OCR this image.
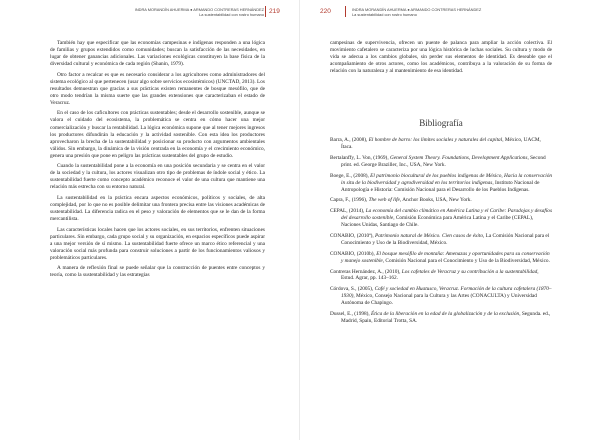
INDRA MORANDÍN AHUERMA ● ARMANDO CONTRERAS HERNÁNDEZ
La sustentabilidad con rostro humano 219

También hay que especificar que las economías campesinas e indígenas responden a una lógica de familias y grupos extendidos como comunidades; buscan la satisfacción de las necesidades, en lugar de obtener ganancias adicionales. Las variaciones ecológicas constituyen la base física de la diversidad cultural y económica de cada región (Shanin, 1979).

Otro factor a recalcar es que es necesario considerar a los agricultores como administradores del sistema ecológico al que pertenecen (usar algo sobre servicios ecosistémicos) (UNCTAD, 2013). Los resultados demuestran que gracias a sus prácticas existen remanentes de bosque mesófilo, que de otro modo tendrían la misma suerte que las grandes extensiones que caracterizaban el estado de Veracruz.

En el caso de los caficultores con prácticas sustentables; desde el desarrollo sostenible, aunque se valora el cuidado del ecosistema, la problemática se centra en cómo hacer una mejor comercialización y buscar la rentabilidad. La lógica económica supone que al tener mejores ingresos los productores difundirán la educación y la actividad sostenible. Con esta idea los productores aprovecharon la brecha de la sustentabilidad y posicionar su producto con argumentos ambientales válidos. Sin embargo, la dinámica de la visión centrada en la economía y el crecimiento económico, genera una presión que pone en peligro las prácticas sustentables del grupo de estudio.

Cuando la sustentabilidad pone a la economía en una posición secundaria y se centra en el valor de la sociedad y la cultura, los actores visualizan otro tipo de problemas de índole social y ético. La sustentabilidad fuerte como concepto académico reconoce el valor de una cultura que mantiene una relación más estrecha con su entorno natural.

La sustentabilidad en la práctica encara aspectos económicos, políticos y sociales, de alta complejidad, por lo que no es posible delimitar una frontera precisa entre las visiones académicas de sustentabilidad. La diferencia radica en el peso y valoración de elementos que se le dan de la forma mercantilista.

Las características locales hacen que los actores sociales, en sus territorios, enfrenten situaciones particulares. Sin embargo, cada grupo social y su organización, en espacios específicos puede aspirar a una mejor versión de sí mismo. La sustentabilidad fuerte ofrece un marco ético referencial y una valoración social más profunda para construir soluciones a partir de los funcionamientos valiosos y problemáticos particulares.

A manera de reflexión final se puede señalar que la construcción de puentes entre conceptos y teoría, como la sustentabilidad y las estrategias

220	INDRA MORANDÍN AHUERMA ● ARMANDO CONTRERAS HERNÁNDEZ
La sustentabilidad con rostro humano

campesinas de supervivencia, ofrecen un puente de palanca para ampliar la acción colectiva. El movimiento cafetalero se caracteriza por una lógica histórica de luchas sociales. Su cultura y modo de vida se adecua a los cambios globales, sin perder sus elementos de identidad. Es deseable que el acompañamiento de otros actores, como los académicos, contribuya a la valoración de su forma de relación con la naturaleza y al mantenimiento de esa identidad.

Bibliografía
Barra, A., (2008), El hombre de barro: los límites sociales y naturales del capital, México, UACM, Ítaca.
Bertalanffy, L. Von, (1969), General System Theory. Foundations, Development Applications, Second print. ed. George Braziller, Inc., USA, New York.
Boege, E., (2008), El patrimonio biocultural de los pueblos indígenas de México, Hacia la conservación in situ de la biodiversidad y agrodiversidad en los territorios indígenas, Instituto Nacional de Antropología e Historia: Comisión Nacional para el Desarrollo de los Pueblos Indígenas.
Capra, F., (1996), The web of life, Anchor Books, USA, New York.
CEPAL, (2014), La economía del cambio climático en América Latina y el Caribe: Paradojas y desafíos del desarrollo sostenible, Comisión Económica para América Latina y el Caribe (CEPAL), Naciones Unidas, Santiago de Chile.
CONABIO, (2010ª), Patrimonio natural de México. Cien casos de éxito, La Comisión Nacional para el Conocimiento y Uso de la Biodiversidad, México.
CONABIO, (2010b), El bosque mesófilo de montaña: Amenazas y oportunidades para su conservación y manejo sostenible, Comisión Nacional para el Conocimiento y Uso de la Biodiversidad, México.
Contreras Hernández, A., (2010), Los cafetales de Veracruz y su contribución a la sustentabilidad, Estud. Agrar, pp. 143–162.
Córdova, S., (2005), Café y sociedad en Huatusco, Veracruz. Formación de la cultura cafetalera (1870–1930), México, Consejo Nacional para la Cultura y las Artes (CONACULTA) y Universidad Autónoma de Chapingo.
Dussel, E., (1998), Ética de la liberación en la edad de la globalización y de la exclusión, Segunda. ed., Madrid, Spain, Editorial Trotta, SA.
